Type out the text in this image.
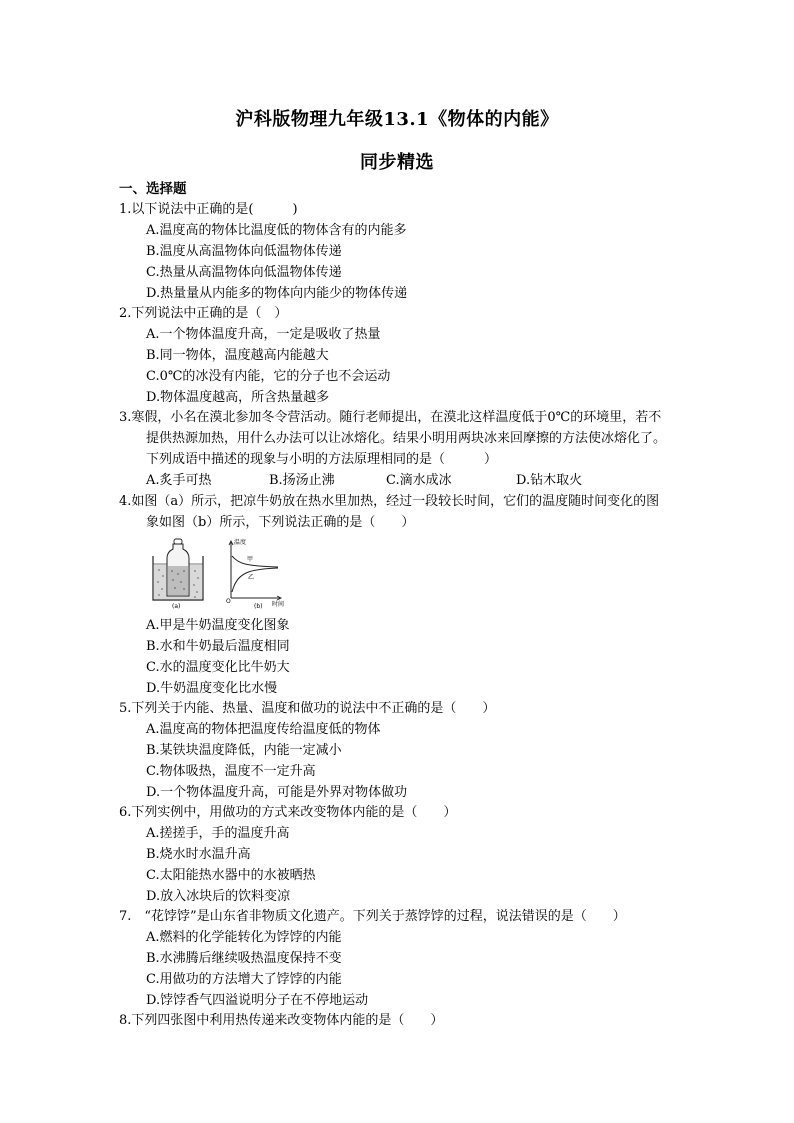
沪科版物理九年级13.1《物体的内能》
同步精选
一、选择题
1.以下说法中正确的是(　　　)
A.温度高的物体比温度低的物体含有的内能多
B.温度从高温物体向低温物体传递
C.热量从高温物体向低温物体传递
D.热量量从内能多的物体向内能少的物体传递
2.下列说法中正确的是（　）
A.一个物体温度升高，一定是吸收了热量
B.同一物体，温度越高内能越大
C.0℃的冰没有内能，它的分子也不会运动
D.物体温度越高，所含热量越多
3.寒假，小名在漠北参加冬令营活动。随行老师提出，在漠北这样温度低于0℃的环境里，若不
提供热源加热，用什么办法可以让冰熔化。结果小明用两块冰来回摩擦的方法使冰熔化了。
下列成语中描述的现象与小明的方法原理相同的是（　　　）
A.炙手可热	B.扬汤止沸	C.滴水成冰	D.钻木取火
4.如图（a）所示，把凉牛奶放在热水里加热，经过一段较长时间，它们的温度随时间变化的图
象如图（b）所示，下列说法正确的是（　　）
(a)
温度
甲
乙
O	时间
(b)
A.甲是牛奶温度变化图象
B.水和牛奶最后温度相同
C.水的温度变化比牛奶大
D.牛奶温度变化比水慢
5.下列关于内能、热量、温度和做功的说法中不正确的是（　　）
A.温度高的物体把温度传给温度低的物体
B.某铁块温度降低，内能一定减小
C.物体吸热，温度不一定升高
D.一个物体温度升高，可能是外界对物体做功
6.下列实例中，用做功的方式来改变物体内能的是（　　）
A.搓搓手，手的温度升高
B.烧水时水温升高
C.太阳能热水器中的水被晒热
D.放入冰块后的饮料变凉
7.　“花饽饽”是山东省非物质文化遗产。下列关于蒸饽饽的过程，说法错误的是（　　）
A.燃料的化学能转化为饽饽的内能
B.水沸腾后继续吸热温度保持不变
C.用做功的方法增大了饽饽的内能
D.饽饽香气四溢说明分子在不停地运动
8.下列四张图中利用热传递来改变物体内能的是（　　）
